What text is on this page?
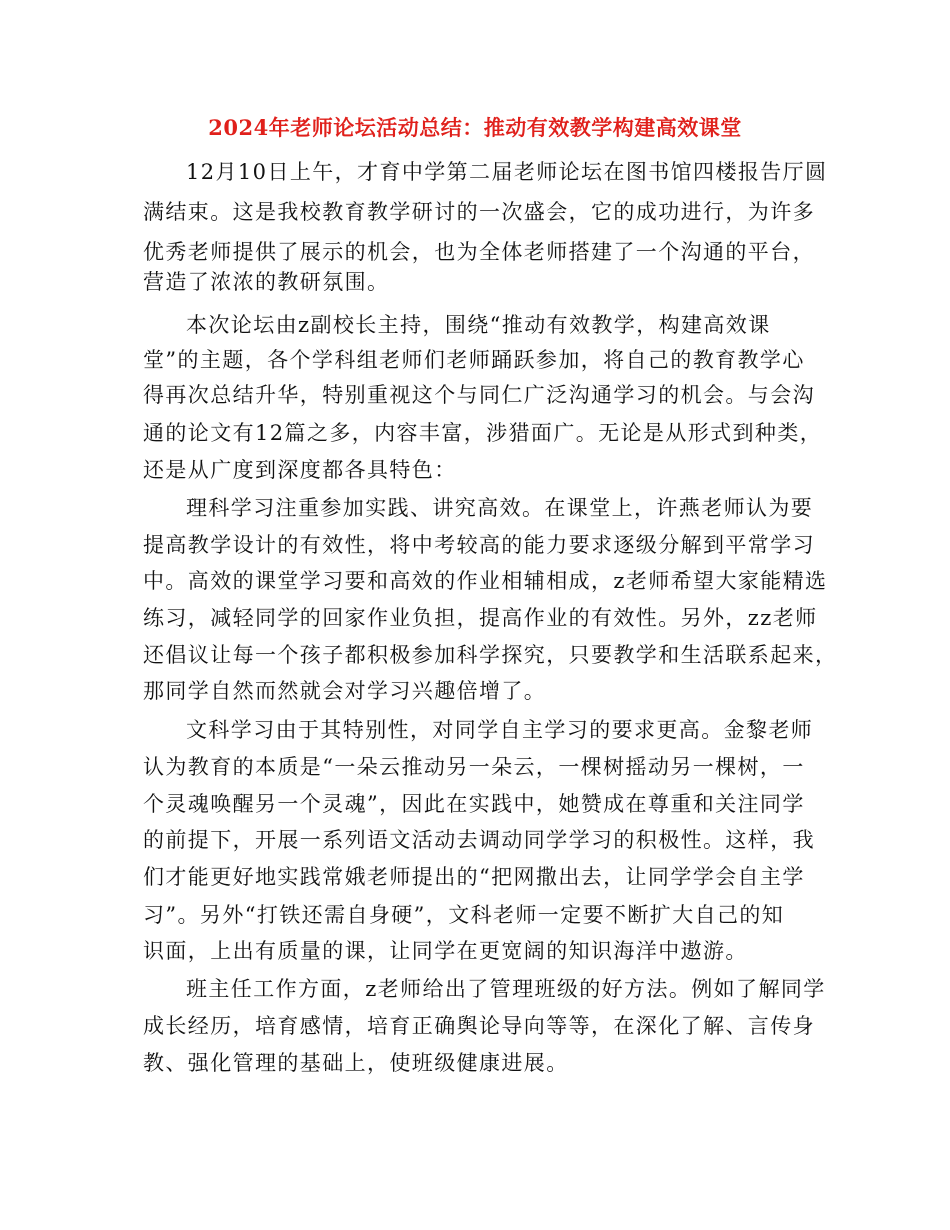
2024年老师论坛活动总结：推动有效教学构建高效课堂
12月10日上午，才育中学第二届老师论坛在图书馆四楼报告厅圆
满结束。这是我校教育教学研讨的一次盛会，它的成功进行，为许多
优秀老师提供了展示的机会，也为全体老师搭建了一个沟通的平台，
营造了浓浓的教研氛围。
本次论坛由z副校长主持，围绕“推动有效教学，构建高效课
堂”的主题，各个学科组老师们老师踊跃参加，将自己的教育教学心
得再次总结升华，特别重视这个与同仁广泛沟通学习的机会。与会沟
通的论文有12篇之多，内容丰富，涉猎面广。无论是从形式到种类，
还是从广度到深度都各具特色：
理科学习注重参加实践、讲究高效。在课堂上，许燕老师认为要
提高教学设计的有效性，将中考较高的能力要求逐级分解到平常学习
中。高效的课堂学习要和高效的作业相辅相成，z老师希望大家能精选
练习，减轻同学的回家作业负担，提高作业的有效性。另外，zz老师
还倡议让每一个孩子都积极参加科学探究，只要教学和生活联系起来，
那同学自然而然就会对学习兴趣倍增了。
文科学习由于其特别性，对同学自主学习的要求更高。金黎老师
认为教育的本质是“一朵云推动另一朵云，一棵树摇动另一棵树，一
个灵魂唤醒另一个灵魂”，因此在实践中，她赞成在尊重和关注同学
的前提下，开展一系列语文活动去调动同学学习的积极性。这样，我
们才能更好地实践常娥老师提出的“把网撒出去，让同学学会自主学
习”。另外“打铁还需自身硬”，文科老师一定要不断扩大自己的知
识面，上出有质量的课，让同学在更宽阔的知识海洋中遨游。
班主任工作方面，z老师给出了管理班级的好方法。例如了解同学
成长经历，培育感情，培育正确舆论导向等等，在深化了解、言传身
教、强化管理的基础上，使班级健康进展。
